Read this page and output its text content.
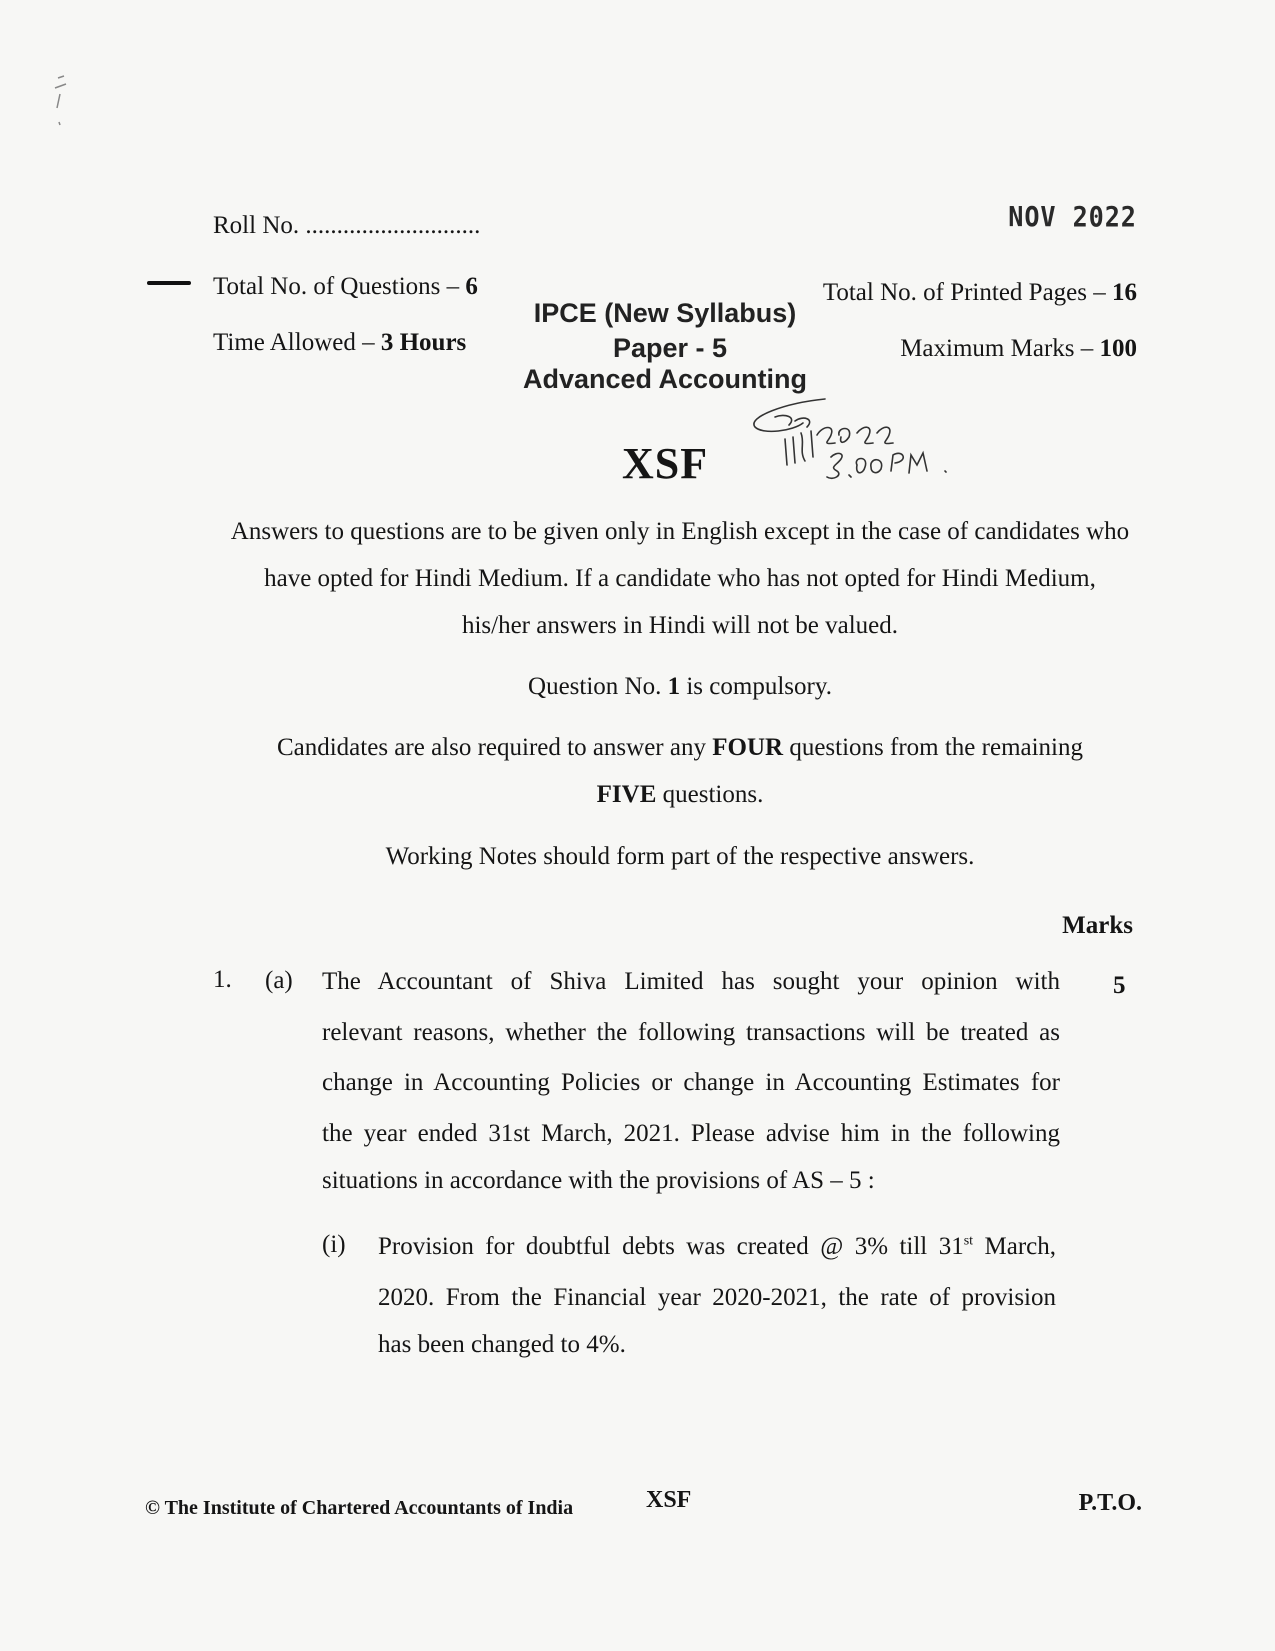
Roll No. ............................	NOV 2022
Total No. of Questions – 6	Total No. of Printed Pages – 16
Time Allowed – 3 Hours	Maximum Marks – 100
IPCE (New Syllabus)
Paper - 5
Advanced Accounting
XSF
Answers to questions are to be given only in English except in the case of candidates who
have opted for Hindi Medium. If a candidate who has not opted for Hindi Medium,
his/her answers in Hindi will not be valued.
Question No. 1 is compulsory.
Candidates are also required to answer any FOUR questions from the remaining
FIVE questions.
Working Notes should form part of the respective answers.
Marks
1. (a)	5
The Accountant of Shiva Limited has sought your opinion with
relevant reasons, whether the following transactions will be treated as
change in Accounting Policies or change in Accounting Estimates for
the year ended 31st March, 2021. Please advise him in the following
situations in accordance with the provisions of AS – 5 :
(i) Provision for doubtful debts was created @ 3% till 31st March,
2020. From the Financial year 2020-2021, the rate of provision
has been changed to 4%.
© The Institute of Chartered Accountants of India	XSF	P.T.O.
